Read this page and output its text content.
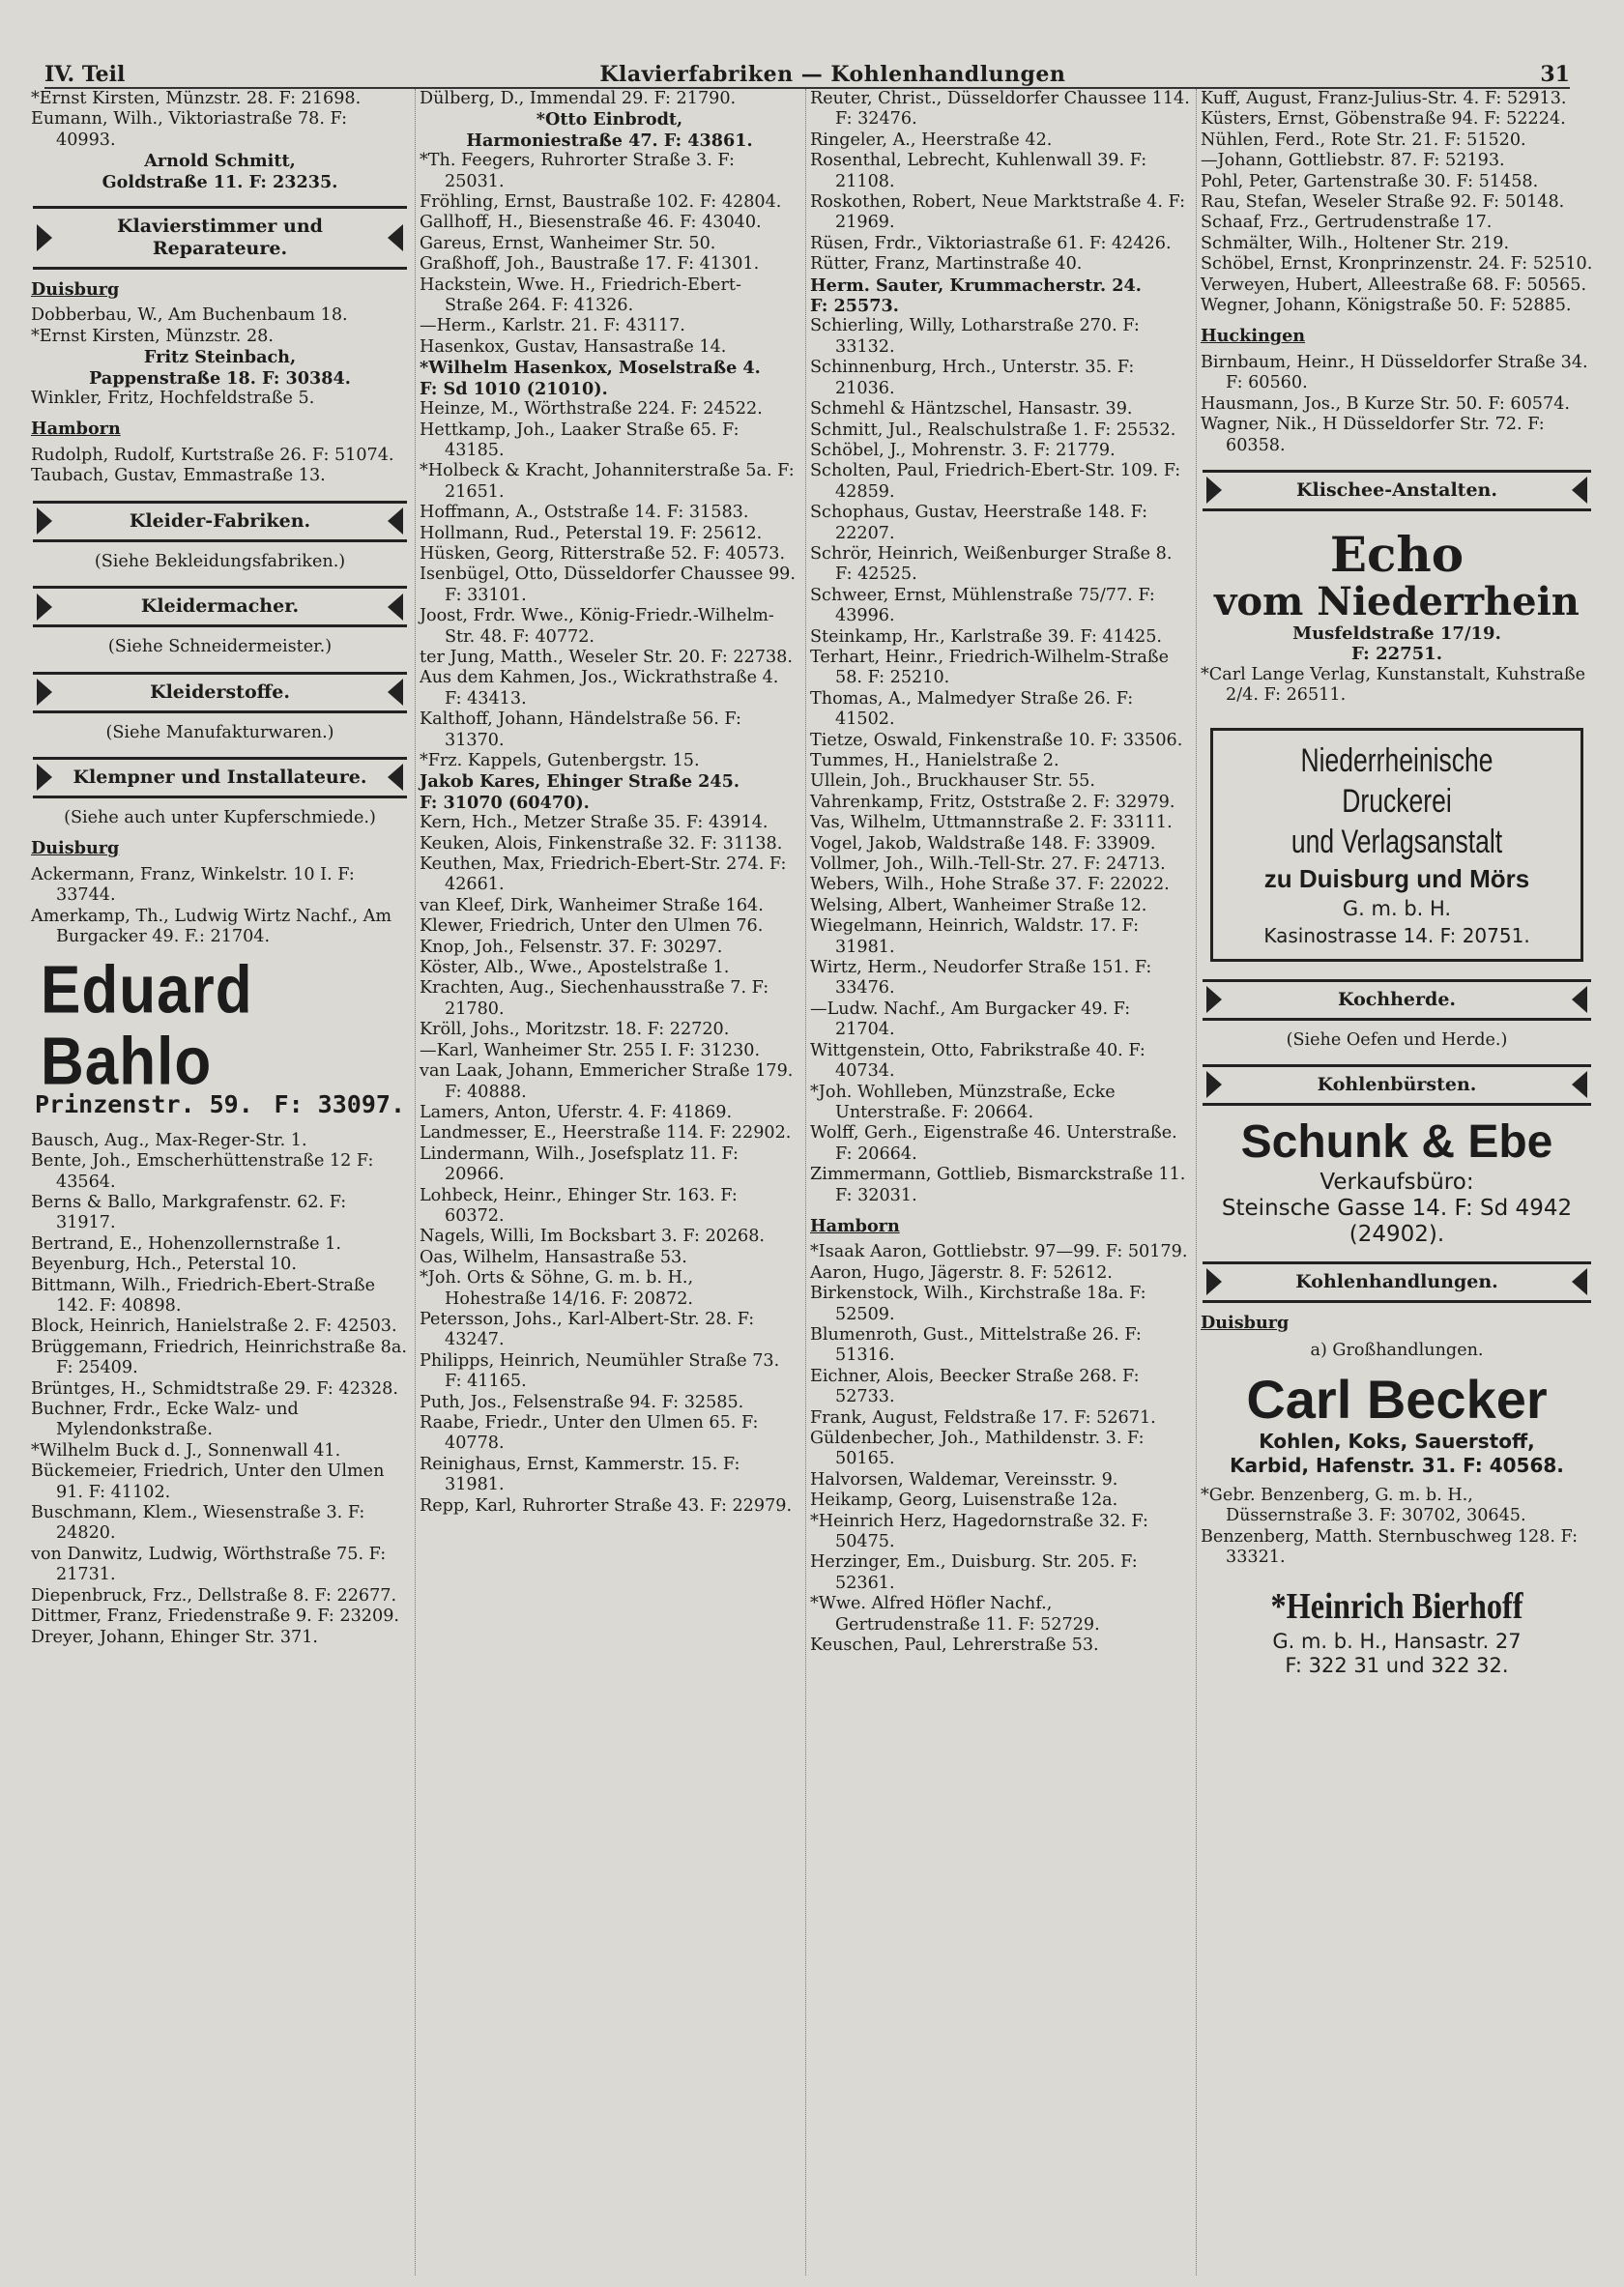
IV. Teil	Klavierfabriken — Kohlenhandlungen	31

*Ernst Kirsten, Münzstr. 28. F: 21698.

Eumann, Wilh., Viktoriastraße 78. F: 40993.

Arnold Schmitt,

Goldstraße 11. F: 23235.

Klavierstimmer und Reparateure.
Duisburg

Dobberbau, W., Am Buchenbaum 18.

*Ernst Kirsten, Münzstr. 28.

Fritz Steinbach,

Pappenstraße 18. F: 30384.

Winkler, Fritz, Hochfeldstraße 5.

Hamborn

Rudolph, Rudolf, Kurtstraße 26. F: 51074.

Taubach, Gustav, Emmastraße 13.

Kleider-Fabriken.
(Siehe Bekleidungsfabriken.)
Kleidermacher.
(Siehe Schneidermeister.)
Kleiderstoffe.
(Siehe Manufakturwaren.)
Klempner und Installateure.
(Siehe auch unter Kupferschmiede.)
Duisburg

Ackermann, Franz, Winkelstr. 10 I. F: 33744.

Amerkamp, Th., Ludwig Wirtz Nachf., Am Burgacker 49. F.: 21704.

Eduard Bahlo
Prinzenstr. 59. F: 33097.

Bausch, Aug., Max-Reger-Str. 1.

Bente, Joh., Emscherhüttenstraße 12 F: 43564.

Berns & Ballo, Markgrafenstr. 62. F: 31917.

Bertrand, E., Hohenzollernstraße 1.

Beyenburg, Hch., Peterstal 10.

Bittmann, Wilh., Friedrich-Ebert-Straße 142. F: 40898.

Block, Heinrich, Hanielstraße 2. F: 42503.

Brüggemann, Friedrich, Heinrichstraße 8a. F: 25409.

Brüntges, H., Schmidtstraße 29. F: 42328.

Buchner, Frdr., Ecke Walz- und Mylendonkstraße.

*Wilhelm Buck d. J., Sonnenwall 41.

Bückemeier, Friedrich, Unter den Ulmen 91. F: 41102.

Buschmann, Klem., Wiesenstraße 3. F: 24820.

von Danwitz, Ludwig, Wörthstraße 75. F: 21731.

Diepenbruck, Frz., Dellstraße 8. F: 22677.

Dittmer, Franz, Friedenstraße 9. F: 23209.

Dreyer, Johann, Ehinger Str. 371.

Dülberg, D., Immendal 29. F: 21790.

*Otto Einbrodt,

Harmoniestraße 47. F: 43861.

*Th. Feegers, Ruhrorter Straße 3. F: 25031.

Fröhling, Ernst, Baustraße 102. F: 42804.

Gallhoff, H., Biesenstraße 46. F: 43040.

Gareus, Ernst, Wanheimer Str. 50.

Graßhoff, Joh., Baustraße 17. F: 41301.

Hackstein, Wwe. H., Friedrich-Ebert-Straße 264. F: 41326.

—Herm., Karlstr. 21. F: 43117.

Hasenkox, Gustav, Hansastraße 14.

*Wilhelm Hasenkox, Moselstraße 4.

F: Sd 1010 (21010).

Heinze, M., Wörthstraße 224. F: 24522.

Hettkamp, Joh., Laaker Straße 65. F: 43185.

*Holbeck & Kracht, Johanniterstraße 5a. F: 21651.

Hoffmann, A., Oststraße 14. F: 31583.

Hollmann, Rud., Peterstal 19. F: 25612.

Hüsken, Georg, Ritterstraße 52. F: 40573.

Isenbügel, Otto, Düsseldorfer Chaussee 99. F: 33101.

Joost, Frdr. Wwe., König-Friedr.-Wilhelm-Str. 48. F: 40772.

ter Jung, Matth., Weseler Str. 20. F: 22738.

Aus dem Kahmen, Jos., Wickrathstraße 4. F: 43413.

Kalthoff, Johann, Händelstraße 56. F: 31370.

*Frz. Kappels, Gutenbergstr. 15.

Jakob Kares, Ehinger Straße 245.

F: 31070 (60470).

Kern, Hch., Metzer Straße 35. F: 43914.

Keuken, Alois, Finkenstraße 32. F: 31138.

Keuthen, Max, Friedrich-Ebert-Str. 274. F: 42661.

van Kleef, Dirk, Wanheimer Straße 164.

Klewer, Friedrich, Unter den Ulmen 76.

Knop, Joh., Felsenstr. 37. F: 30297.

Köster, Alb., Wwe., Apostelstraße 1.

Krachten, Aug., Siechenhausstraße 7. F: 21780.

Kröll, Johs., Moritzstr. 18. F: 22720.

—Karl, Wanheimer Str. 255 I. F: 31230.

van Laak, Johann, Emmericher Straße 179. F: 40888.

Lamers, Anton, Uferstr. 4. F: 41869.

Landmesser, E., Heerstraße 114. F: 22902.

Lindermann, Wilh., Josefsplatz 11. F: 20966.

Lohbeck, Heinr., Ehinger Str. 163. F: 60372.

Nagels, Willi, Im Bocksbart 3. F: 20268.

Oas, Wilhelm, Hansastraße 53.

*Joh. Orts & Söhne, G. m. b. H., Hohestraße 14/16. F: 20872.

Petersson, Johs., Karl-Albert-Str. 28. F: 43247.

Philipps, Heinrich, Neumühler Straße 73. F: 41165.

Puth, Jos., Felsenstraße 94. F: 32585.

Raabe, Friedr., Unter den Ulmen 65. F: 40778.

Reinighaus, Ernst, Kammerstr. 15. F: 31981.

Repp, Karl, Ruhrorter Straße 43. F: 22979.

Reuter, Christ., Düsseldorfer Chaussee 114. F: 32476.

Ringeler, A., Heerstraße 42.

Rosenthal, Lebrecht, Kuhlenwall 39. F: 21108.

Roskothen, Robert, Neue Marktstraße 4. F: 21969.

Rüsen, Frdr., Viktoriastraße 61. F: 42426.

Rütter, Franz, Martinstraße 40.

Herm. Sauter, Krummacherstr. 24.

F: 25573.

Schierling, Willy, Lotharstraße 270. F: 33132.

Schinnenburg, Hrch., Unterstr. 35. F: 21036.

Schmehl & Häntzschel, Hansastr. 39.

Schmitt, Jul., Realschulstraße 1. F: 25532.

Schöbel, J., Mohrenstr. 3. F: 21779.

Scholten, Paul, Friedrich-Ebert-Str. 109. F: 42859.

Schophaus, Gustav, Heerstraße 148. F: 22207.

Schrör, Heinrich, Weißenburger Straße 8. F: 42525.

Schweer, Ernst, Mühlenstraße 75/77. F: 43996.

Steinkamp, Hr., Karlstraße 39. F: 41425.

Terhart, Heinr., Friedrich-Wilhelm-Straße 58. F: 25210.

Thomas, A., Malmedyer Straße 26. F: 41502.

Tietze, Oswald, Finkenstraße 10. F: 33506.

Tummes, H., Hanielstraße 2.

Ullein, Joh., Bruckhauser Str. 55.

Vahrenkamp, Fritz, Oststraße 2. F: 32979.

Vas, Wilhelm, Uttmannstraße 2. F: 33111.

Vogel, Jakob, Waldstraße 148. F: 33909.

Vollmer, Joh., Wilh.-Tell-Str. 27. F: 24713.

Webers, Wilh., Hohe Straße 37. F: 22022.

Welsing, Albert, Wanheimer Straße 12.

Wiegelmann, Heinrich, Waldstr. 17. F: 31981.

Wirtz, Herm., Neudorfer Straße 151. F: 33476.

—Ludw. Nachf., Am Burgacker 49. F: 21704.

Wittgenstein, Otto, Fabrikstraße 40. F: 40734.

*Joh. Wohlleben, Münzstraße, Ecke Unterstraße. F: 20664.

Wolff, Gerh., Eigenstraße 46. Unterstraße. F: 20664.

Zimmermann, Gottlieb, Bismarckstraße 11. F: 32031.

Hamborn

*Isaak Aaron, Gottliebstr. 97—99. F: 50179.

Aaron, Hugo, Jägerstr. 8. F: 52612.

Birkenstock, Wilh., Kirchstraße 18a. F: 52509.

Blumenroth, Gust., Mittelstraße 26. F: 51316.

Eichner, Alois, Beecker Straße 268. F: 52733.

Frank, August, Feldstraße 17. F: 52671.

Güldenbecher, Joh., Mathildenstr. 3. F: 50165.

Halvorsen, Waldemar, Vereinsstr. 9.

Heikamp, Georg, Luisenstraße 12a.

*Heinrich Herz, Hagedornstraße 32. F: 50475.

Herzinger, Em., Duisburg. Str. 205. F: 52361.

*Wwe. Alfred Höfler Nachf., Gertrudenstraße 11. F: 52729.

Keuschen, Paul, Lehrerstraße 53.

Kuff, August, Franz-Julius-Str. 4. F: 52913.

Küsters, Ernst, Göbenstraße 94. F: 52224.

Nühlen, Ferd., Rote Str. 21. F: 51520.

—Johann, Gottliebstr. 87. F: 52193.

Pohl, Peter, Gartenstraße 30. F: 51458.

Rau, Stefan, Weseler Straße 92. F: 50148.

Schaaf, Frz., Gertrudenstraße 17.

Schmälter, Wilh., Holtener Str. 219.

Schöbel, Ernst, Kronprinzenstr. 24. F: 52510.

Verweyen, Hubert, Alleestraße 68. F: 50565.

Wegner, Johann, Königstraße 50. F: 52885.

Huckingen

Birnbaum, Heinr., H Düsseldorfer Straße 34. F: 60560.

Hausmann, Jos., B Kurze Str. 50. F: 60574.

Wagner, Nik., H Düsseldorfer Str. 72. F: 60358.

Klischee-Anstalten.
Echo
vom Niederrhein
Musfeldstraße 17/19.
F: 22751.

*Carl Lange Verlag, Kunstanstalt, Kuhstraße 2/4. F: 26511.

Niederrheinische Druckerei
und Verlagsanstalt
zu Duisburg und Mörs
G. m. b. H.
Kasinostrasse 14. F: 20751.
Kochherde.
(Siehe Oefen und Herde.)
Kohlenbürsten.
Schunk & Ebe
Verkaufsbüro:
Steinsche Gasse 14. F: Sd 4942
(24902).
Kohlenhandlungen.
Duisburg
a) Großhandlungen.
Carl Becker
Kohlen, Koks, Sauerstoff,
Karbid, Hafenstr. 31. F: 40568.

*Gebr. Benzenberg, G. m. b. H., Düssernstraße 3. F: 30702, 30645.

Benzenberg, Matth. Sternbuschweg 128. F: 33321.

*Heinrich Bierhoff
G. m. b. H., Hansastr. 27
F: 322 31 und 322 32.
